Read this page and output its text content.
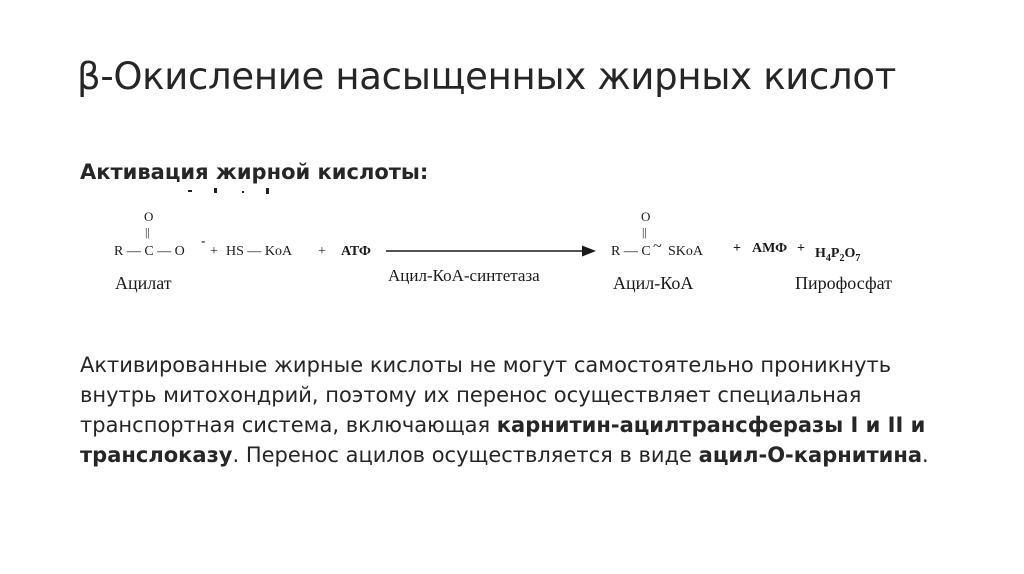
β-Окисление насыщенных жирных кислот
Активация жирной кислоты:
O
||
R — C — O
-
+ HS — KoA + АТФ
O
||
R — C ~ SKoA + АМФ + $H_4P_2O_7$
Ацилат	Ацил-КоА-синтетаза	Ацил-КоА	Пирофосфат

Активированные жирные кислоты не могут самостоятельно проникнуть внутрь митохондрий, поэтому их перенос осуществляет специальная транспортная система, включающая карнитин-ацилтрансферазы I и II и транслоказу. Перенос ацилов осуществляется в виде ацил-О-карнитина.
